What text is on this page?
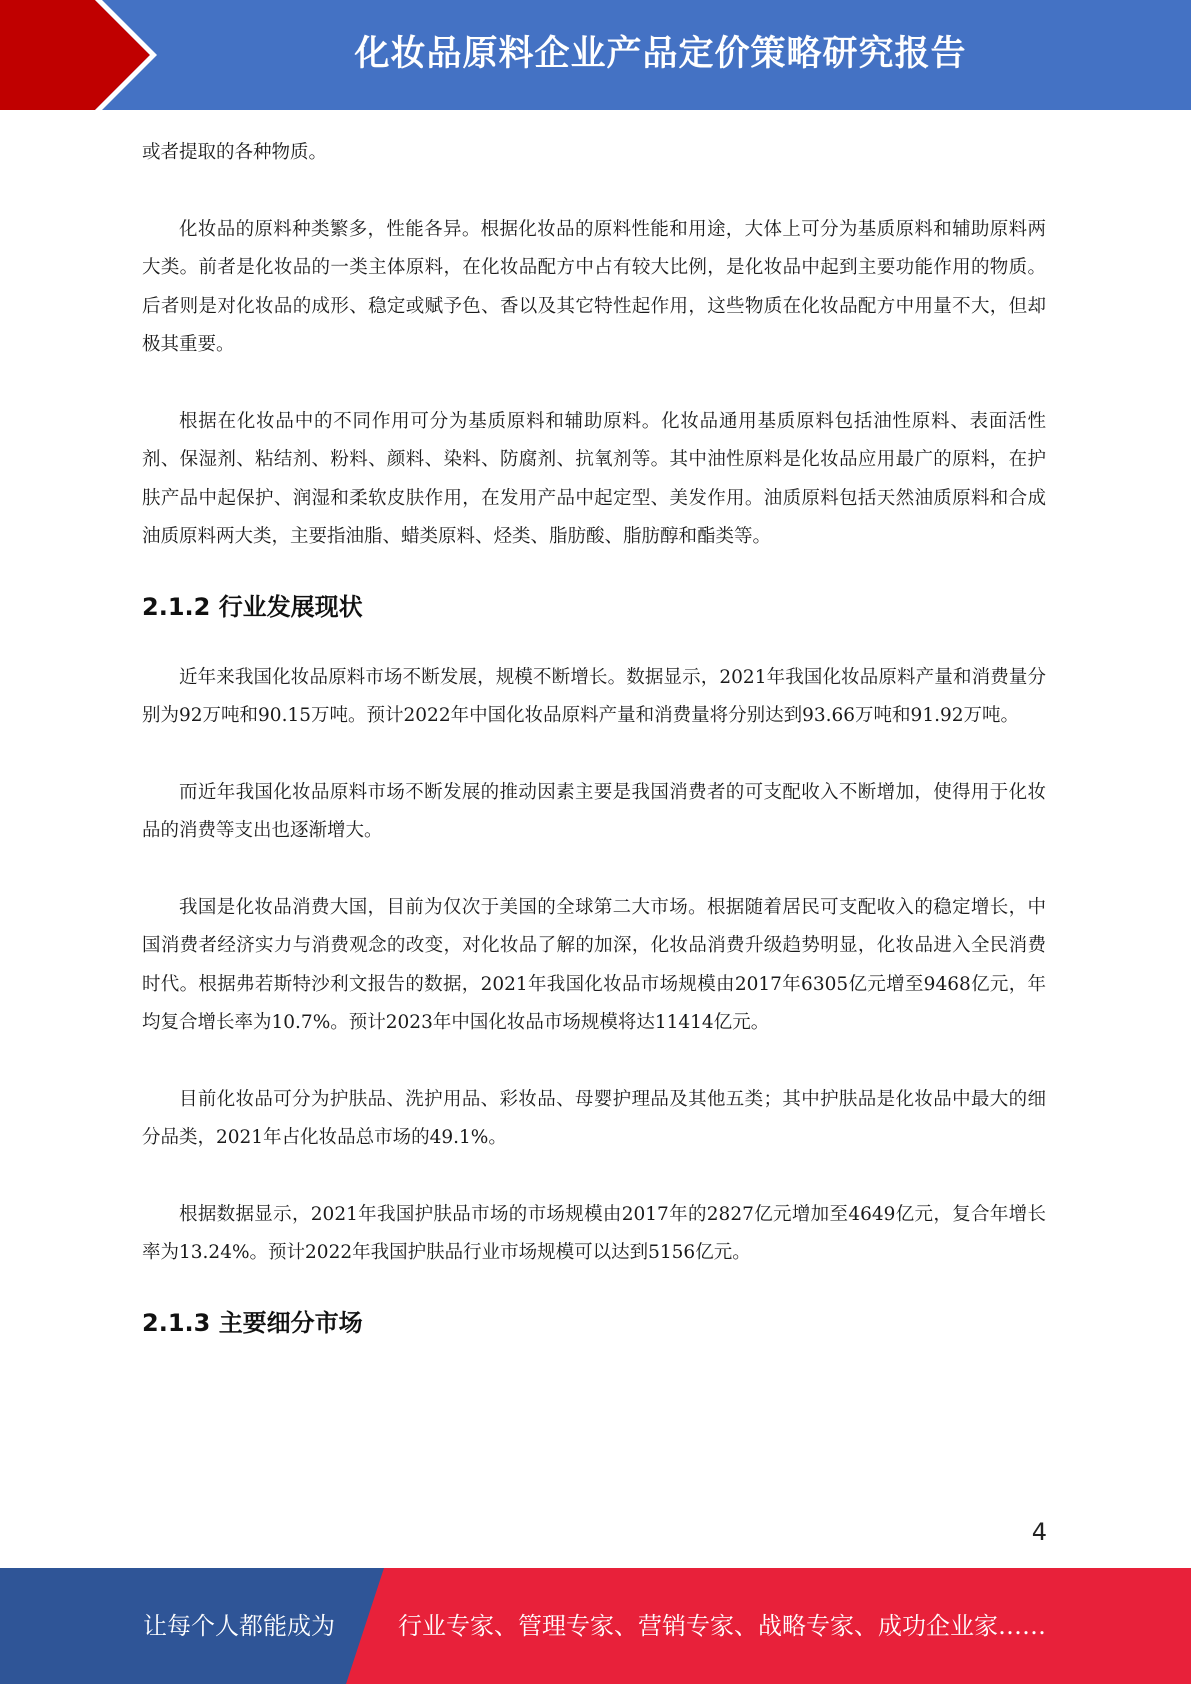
化妆品原料企业产品定价策略研究报告

或者提取的各种物质。

化妆品的原料种类繁多，性能各异。根据化妆品的原料性能和用途，大体上可分为基质原料和辅助原料两大类。前者是化妆品的一类主体原料，在化妆品配方中占有较大比例，是化妆品中起到主要功能作用的物质。后者则是对化妆品的成形、稳定或赋予色、香以及其它特性起作用，这些物质在化妆品配方中用量不大，但却极其重要。

根据在化妆品中的不同作用可分为基质原料和辅助原料。化妆品通用基质原料包括油性原料、表面活性剂、保湿剂、粘结剂、粉料、颜料、染料、防腐剂、抗氧剂等。其中油性原料是化妆品应用最广的原料，在护肤产品中起保护、润湿和柔软皮肤作用，在发用产品中起定型、美发作用。油质原料包括天然油质原料和合成油质原料两大类，主要指油脂、蜡类原料、烃类、脂肪酸、脂肪醇和酯类等。

2.1.2 行业发展现状

近年来我国化妆品原料市场不断发展，规模不断增长。数据显示，2021年我国化妆品原料产量和消费量分别为92万吨和90.15万吨。预计2022年中国化妆品原料产量和消费量将分别达到93.66万吨和91.92万吨。

而近年我国化妆品原料市场不断发展的推动因素主要是我国消费者的可支配收入不断增加，使得用于化妆品的消费等支出也逐渐增大。

我国是化妆品消费大国，目前为仅次于美国的全球第二大市场。根据随着居民可支配收入的稳定增长，中国消费者经济实力与消费观念的改变，对化妆品了解的加深，化妆品消费升级趋势明显，化妆品进入全民消费时代。根据弗若斯特沙利文报告的数据，2021年我国化妆品市场规模由2017年6305亿元增至9468亿元，年均复合增长率为10.7%。预计2023年中国化妆品市场规模将达11414亿元。

目前化妆品可分为护肤品、洗护用品、彩妆品、母婴护理品及其他五类；其中护肤品是化妆品中最大的细分品类，2021年占化妆品总市场的49.1%。

根据数据显示，2021年我国护肤品市场的市场规模由2017年的2827亿元增加至4649亿元，复合年增长率为13.24%。预计2022年我国护肤品行业市场规模可以达到5156亿元。

2.1.3 主要细分市场
4
让每个人都能成为	行业专家、管理专家、营销专家、战略专家、成功企业家……
